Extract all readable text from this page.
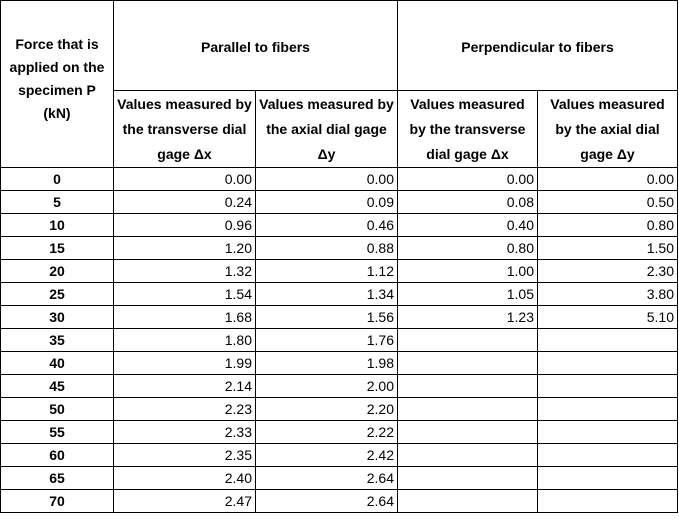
Force that is applied on the specimen P (kN)	Parallel to fibers		Perpendicular to fibers	
	Values measured by the transverse dial gage Δx	Values measured by the axial dial gage Δy	Values measured by the transverse dial gage Δx	Values measured by the axial dial gage Δy
0	0.00	0.00	0.00	0.00
5	0.24	0.09	0.08	0.50
10	0.96	0.46	0.40	0.80
15	1.20	0.88	0.80	1.50
20	1.32	1.12	1.00	2.30
25	1.54	1.34	1.05	3.80
30	1.68	1.56	1.23	5.10
35	1.80	1.76		
40	1.99	1.98		
45	2.14	2.00		
50	2.23	2.20		
55	2.33	2.22		
60	2.35	2.42		
65	2.40	2.64		
70	2.47	2.64		
